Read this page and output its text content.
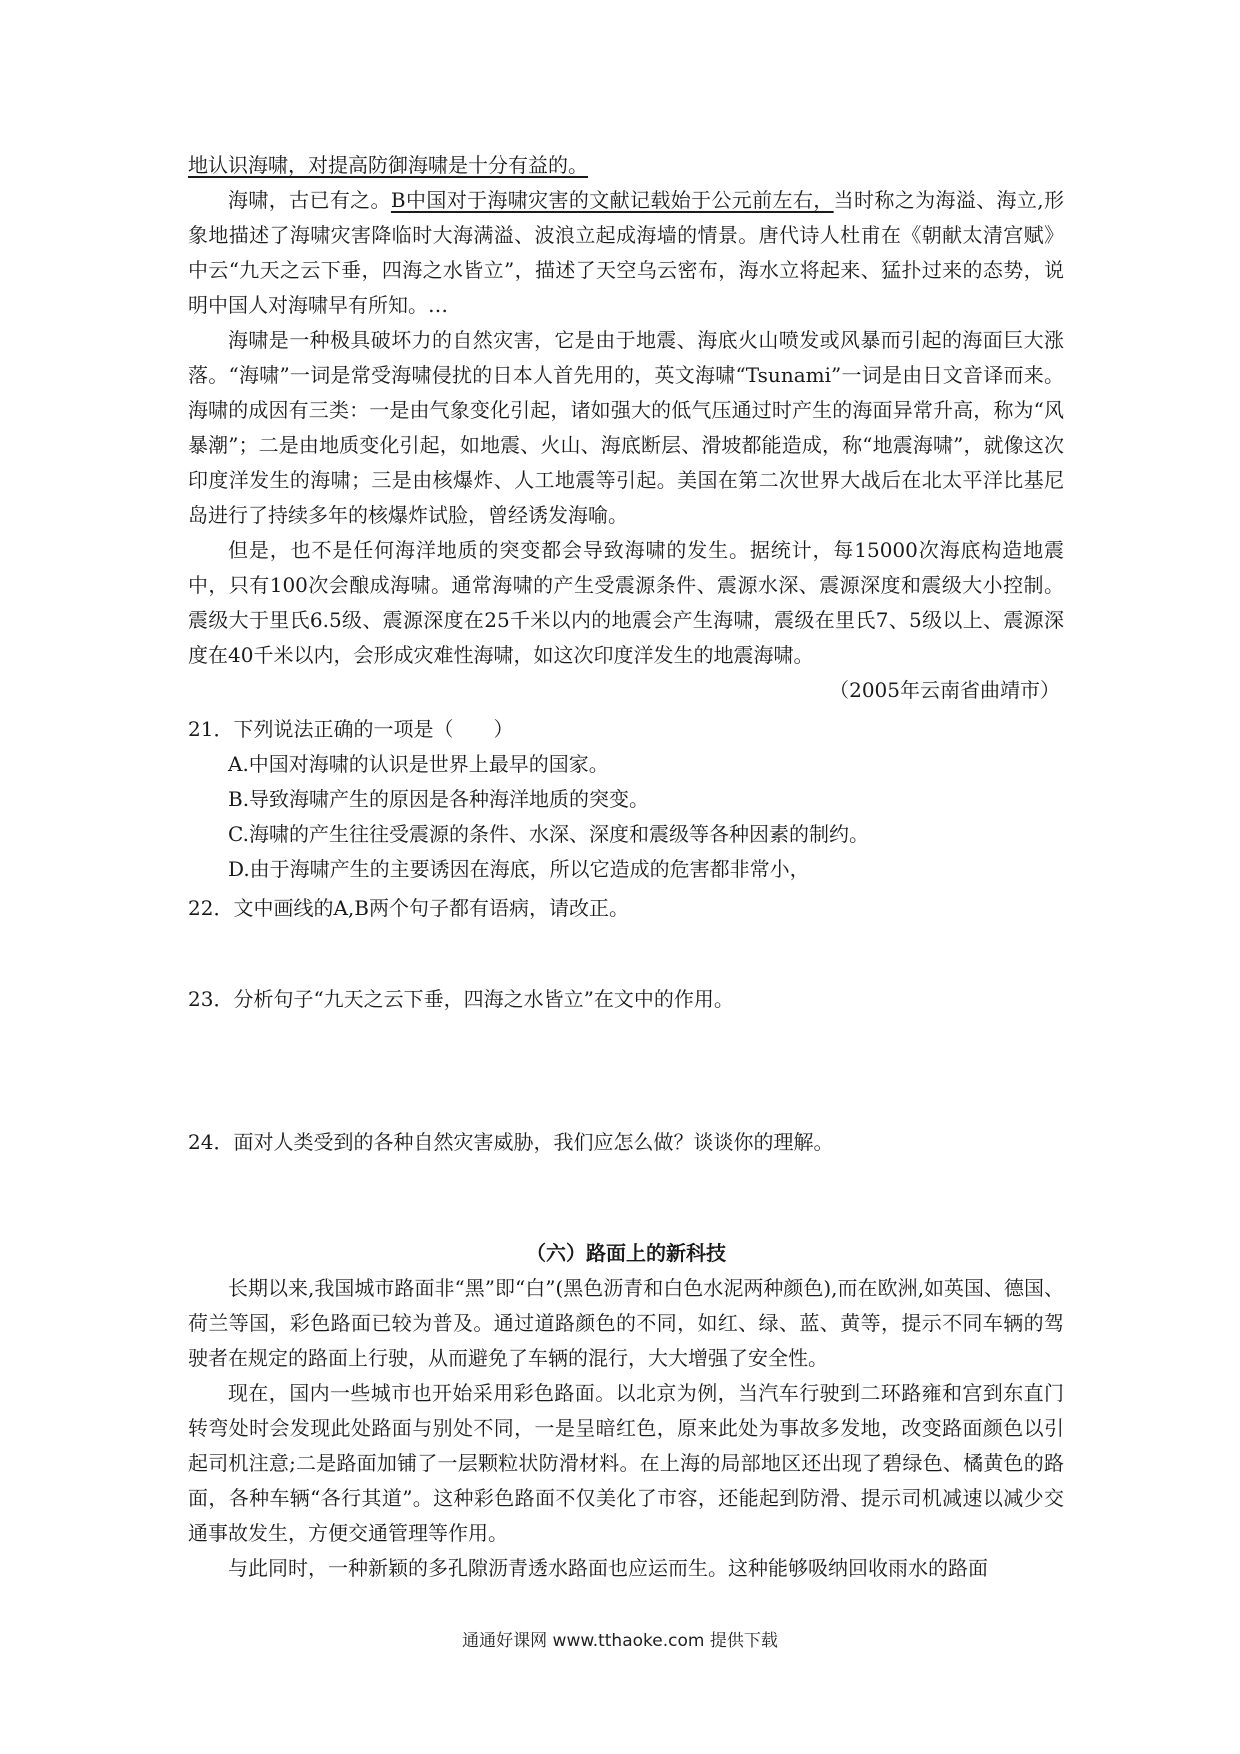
地认识海啸，对提高防御海啸是十分有益的。

海啸，古已有之。B中国对于海啸灾害的文献记载始于公元前左右，当时称之为海溢、海立,形象地描述了海啸灾害降临时大海满溢、波浪立起成海墙的情景。唐代诗人杜甫在《朝献太清宫赋》中云“九天之云下垂，四海之水皆立”，描述了天空乌云密布，海水立将起来、猛扑过来的态势，说明中国人对海啸早有所知。…

海啸是一种极具破坏力的自然灾害，它是由于地震、海底火山喷发或风暴而引起的海面巨大涨落。“海啸”一词是常受海啸侵扰的日本人首先用的，英文海啸“Tsunami”一词是由日文音译而来。海啸的成因有三类：一是由气象变化引起，诸如强大的低气压通过时产生的海面异常升高，称为“风暴潮”；二是由地质变化引起，如地震、火山、海底断层、滑坡都能造成，称“地震海啸”，就像这次印度洋发生的海啸；三是由核爆炸、人工地震等引起。美国在第二次世界大战后在北太平洋比基尼岛进行了持续多年的核爆炸试脸，曾经诱发海喻。

但是，也不是任何海洋地质的突变都会导致海啸的发生。据统计，每15000次海底构造地震中，只有100次会酿成海啸。通常海啸的产生受震源条件、震源水深、震源深度和震级大小控制。震级大于里氏6.5级、震源深度在25千米以内的地震会产生海啸，震级在里氏7、5级以上、震源深度在40千米以内，会形成灾难性海啸，如这次印度洋发生的地震海啸。

（2005年云南省曲靖市）

21．下列说法正确的一项是（　　）

A.中国对海啸的认识是世界上最早的国家。

B.导致海啸产生的原因是各种海洋地质的突变。

C.海啸的产生往往受震源的条件、水深、深度和震级等各种因素的制约。

D.由于海啸产生的主要诱因在海底，所以它造成的危害都非常小，

22．文中画线的A,B两个句子都有语病，请改正。

23．分析句子“九天之云下垂，四海之水皆立”在文中的作用。

24．面对人类受到的各种自然灾害威胁，我们应怎么做？谈谈你的理解。

（六）路面上的新科技

长期以来,我国城市路面非“黑”即“白”(黑色沥青和白色水泥两种颜色),而在欧洲,如英国、德国、荷兰等国，彩色路面已较为普及。通过道路颜色的不同，如红、绿、蓝、黄等，提示不同车辆的驾驶者在规定的路面上行驶，从而避免了车辆的混行，大大增强了安全性。

现在，国内一些城市也开始采用彩色路面。以北京为例，当汽车行驶到二环路雍和宫到东直门转弯处时会发现此处路面与别处不同，一是呈暗红色，原来此处为事故多发地，改变路面颜色以引起司机注意;二是路面加铺了一层颗粒状防滑材料。在上海的局部地区还出现了碧绿色、橘黄色的路面，各种车辆“各行其道”。这种彩色路面不仅美化了市容，还能起到防滑、提示司机减速以减少交通事故发生，方便交通管理等作用。

与此同时，一种新颖的多孔隙沥青透水路面也应运而生。这种能够吸纳回收雨水的路面

通通好课网 www.tthaoke.com 提供下载
